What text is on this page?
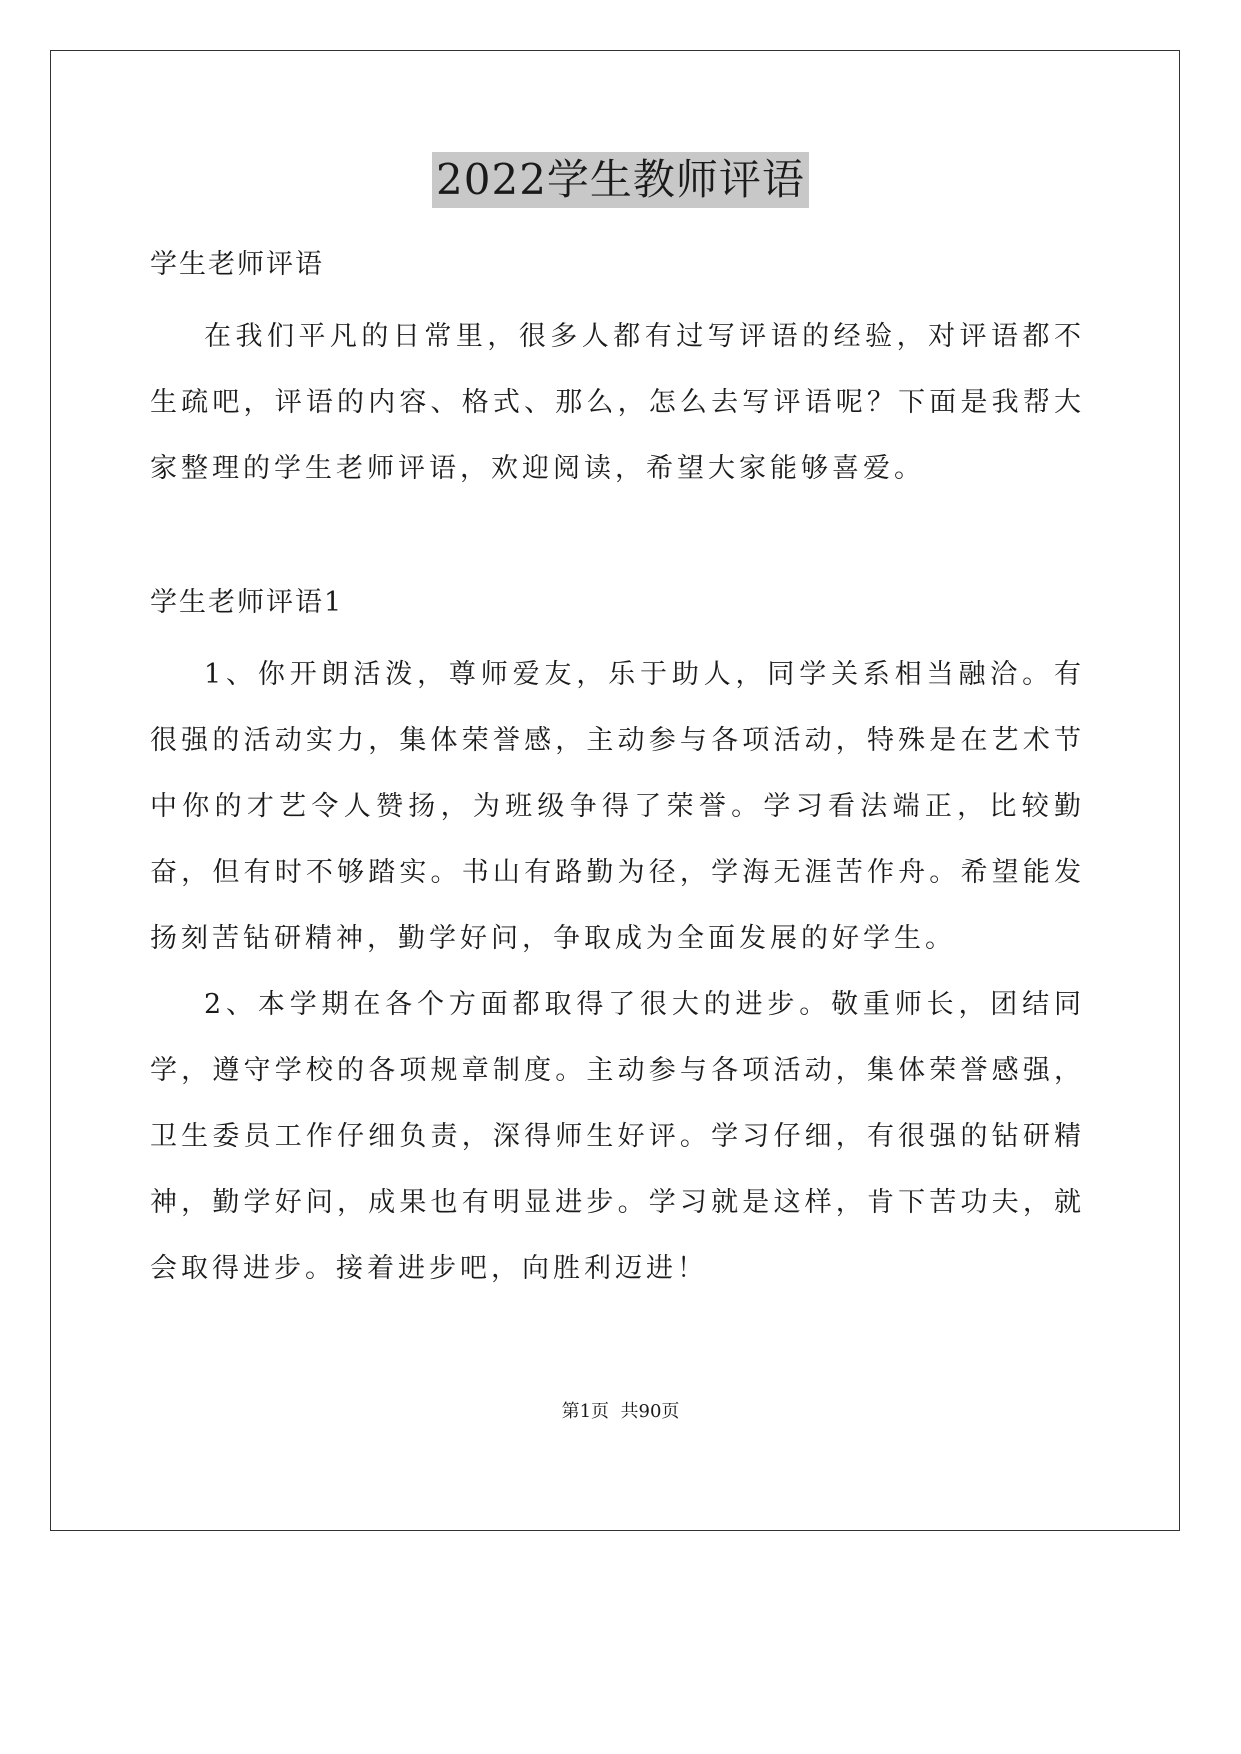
2022学生教师评语

学生老师评语

在我们平凡的日常里，很多人都有过写评语的经验，对评语都不生疏吧，评语的内容、格式、那么，怎么去写评语呢？下面是我帮大家整理的学生老师评语，欢迎阅读，希望大家能够喜爱。

学生老师评语1

1、你开朗活泼，尊师爱友，乐于助人，同学关系相当融洽。有很强的活动实力，集体荣誉感，主动参与各项活动，特殊是在艺术节中你的才艺令人赞扬，为班级争得了荣誉。学习看法端正，比较勤奋，但有时不够踏实。书山有路勤为径，学海无涯苦作舟。希望能发扬刻苦钻研精神，勤学好问，争取成为全面发展的好学生。

2、本学期在各个方面都取得了很大的进步。敬重师长，团结同学，遵守学校的各项规章制度。主动参与各项活动，集体荣誉感强，卫生委员工作仔细负责，深得师生好评。学习仔细，有很强的钻研精神，勤学好问，成果也有明显进步。学习就是这样，肯下苦功夫，就会取得进步。接着进步吧，向胜利迈进！

第1页  共90页
